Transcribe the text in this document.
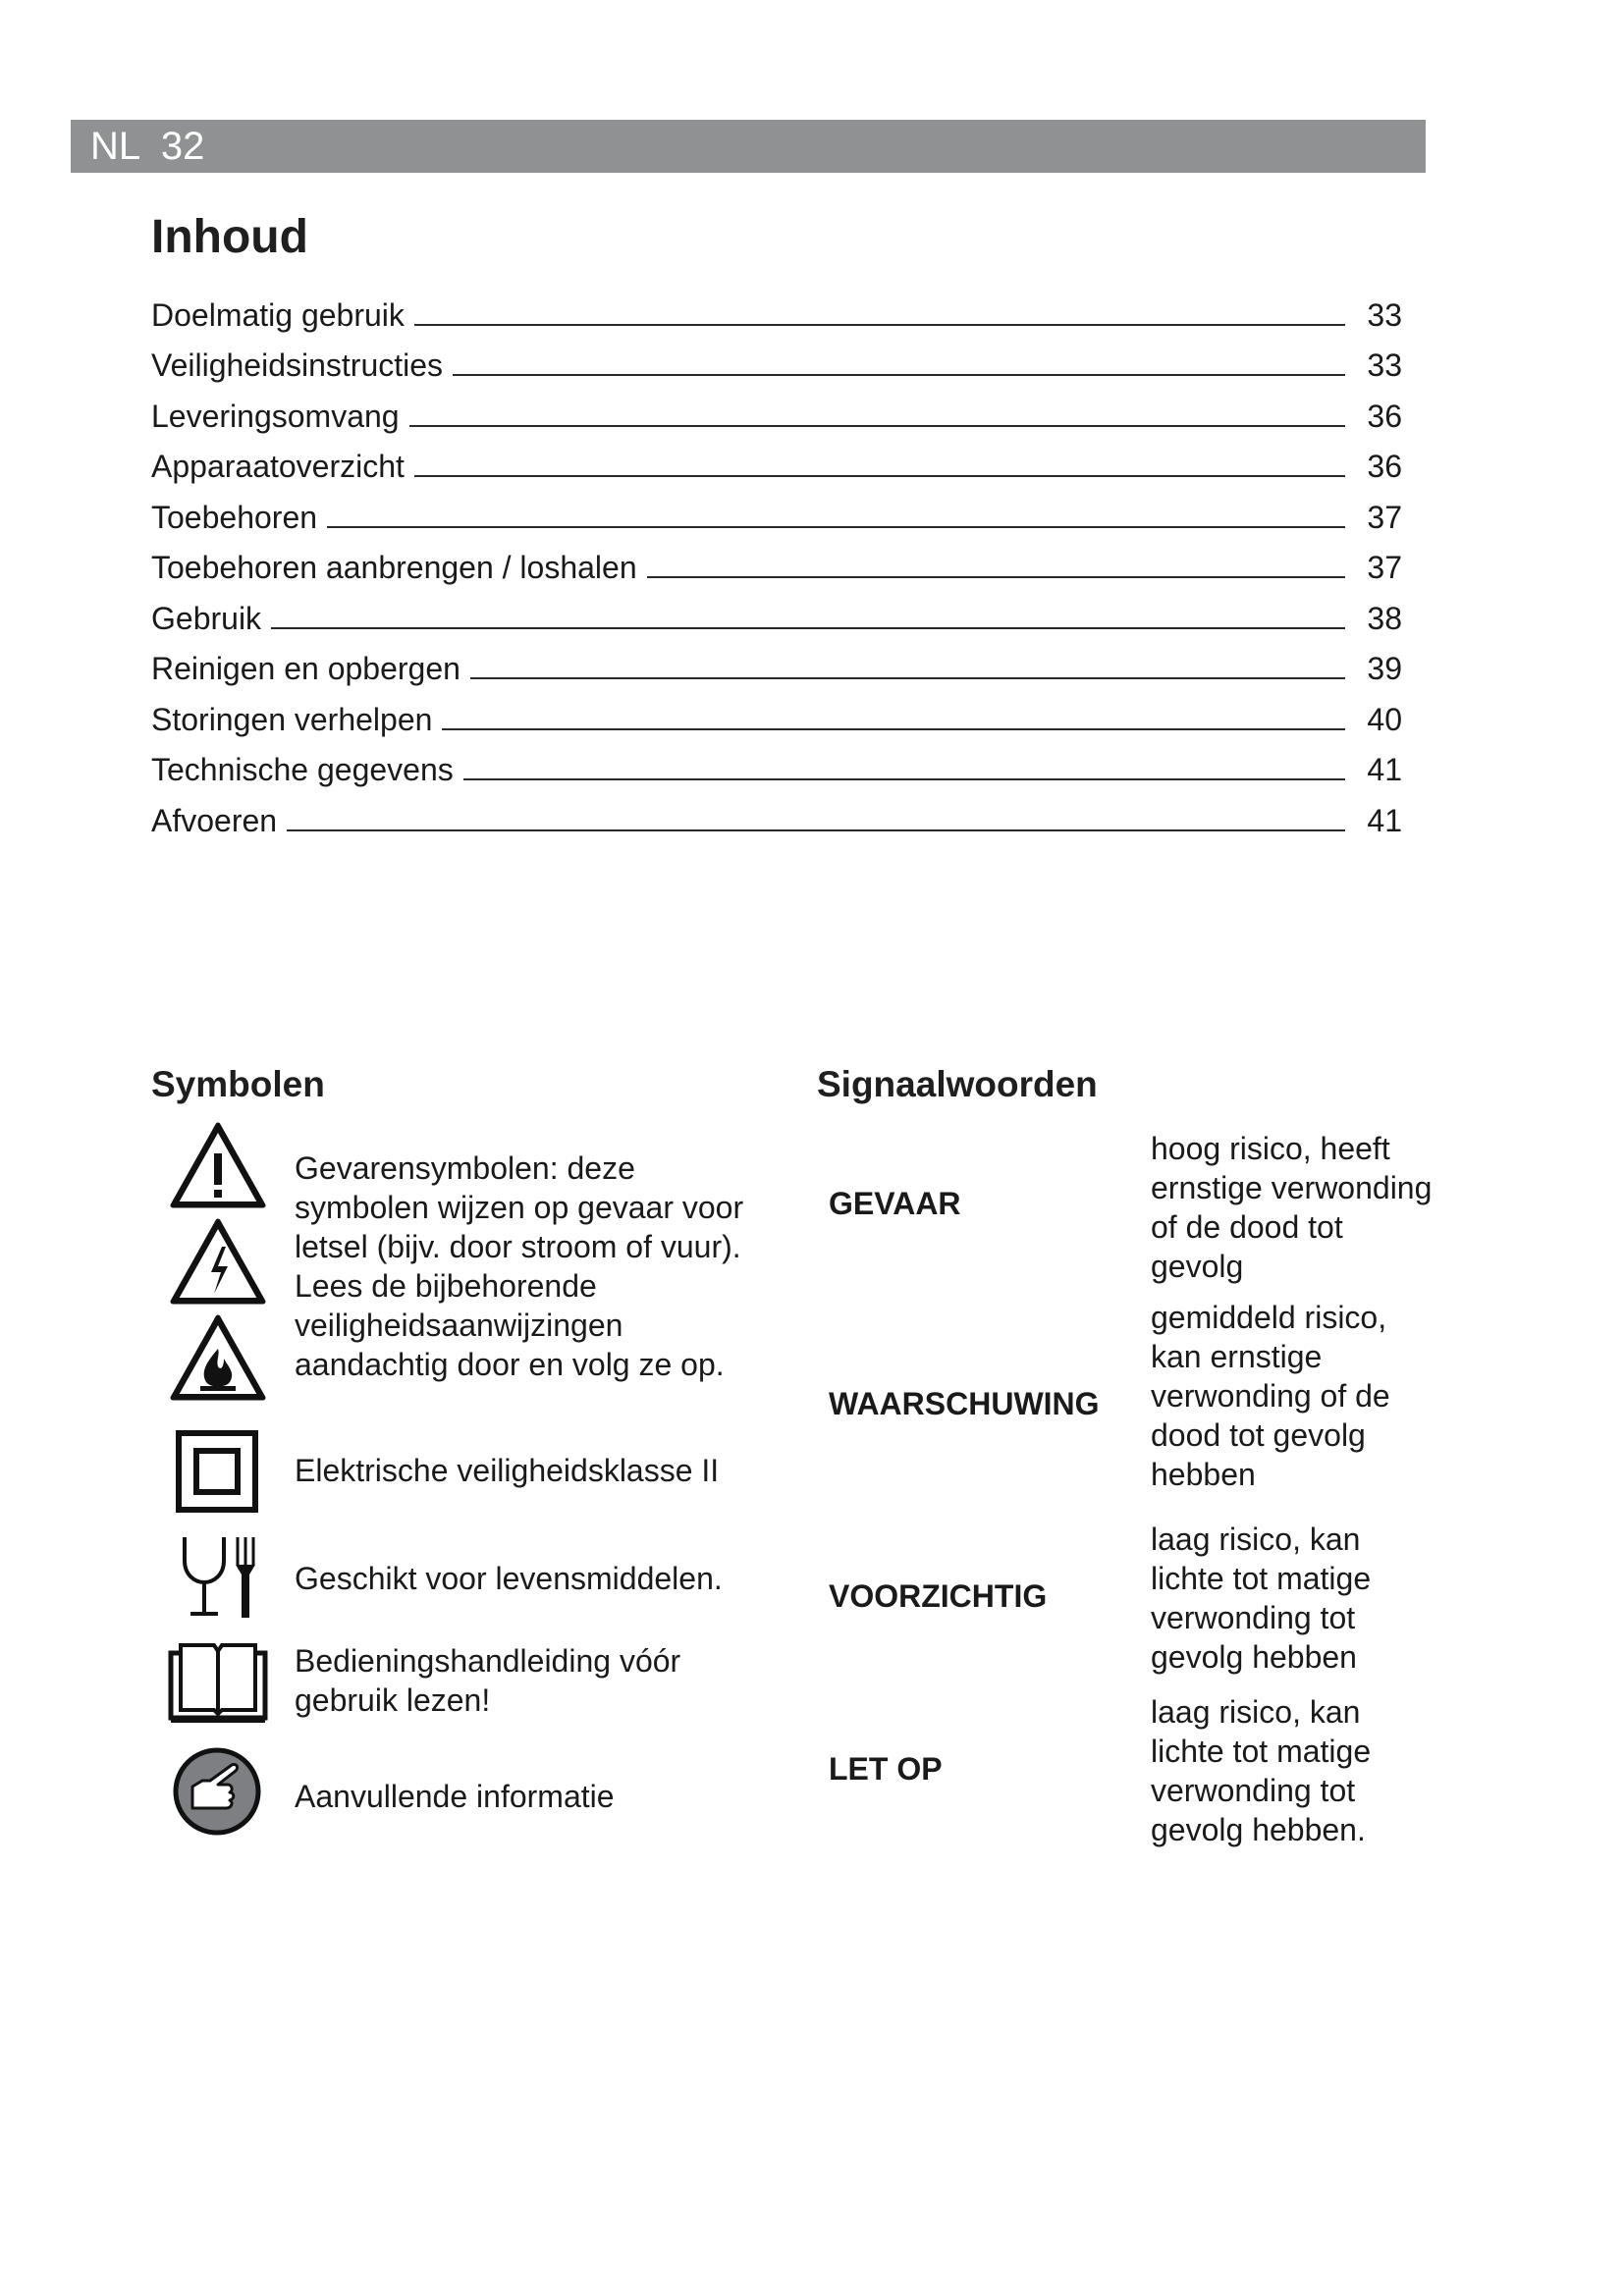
NL 32
Inhoud
Doelmatig gebruik	33
Veiligheidsinstructies	33
Leveringsomvang	36
Apparaatoverzicht	36
Toebehoren	37
Toebehoren aanbrengen / loshalen	37
Gebruik	38
Reinigen en opbergen	39
Storingen verhelpen	40
Technische gegevens	41
Afvoeren	41
Symbolen
Gevarensymbolen: deze symbolen wijzen op gevaar voor letsel (bijv. door stroom of vuur). Lees de bijbehorende veiligheidsaanwijzingen aandachtig door en volg ze op.
Elektrische veiligheidsklasse II
Geschikt voor levensmiddelen.
Bedieningshandleiding vóór gebruik lezen!
Aanvullende informatie
Signaalwoorden
GEVAAR
hoog risico, heeft ernstige verwonding of de dood tot gevolg
WAARSCHUWING
gemiddeld risico, kan ernstige verwonding of de dood tot gevolg hebben
VOORZICHTIG
laag risico, kan lichte tot matige verwonding tot gevolg hebben
LET OP
laag risico, kan lichte tot matige verwonding tot gevolg hebben.
